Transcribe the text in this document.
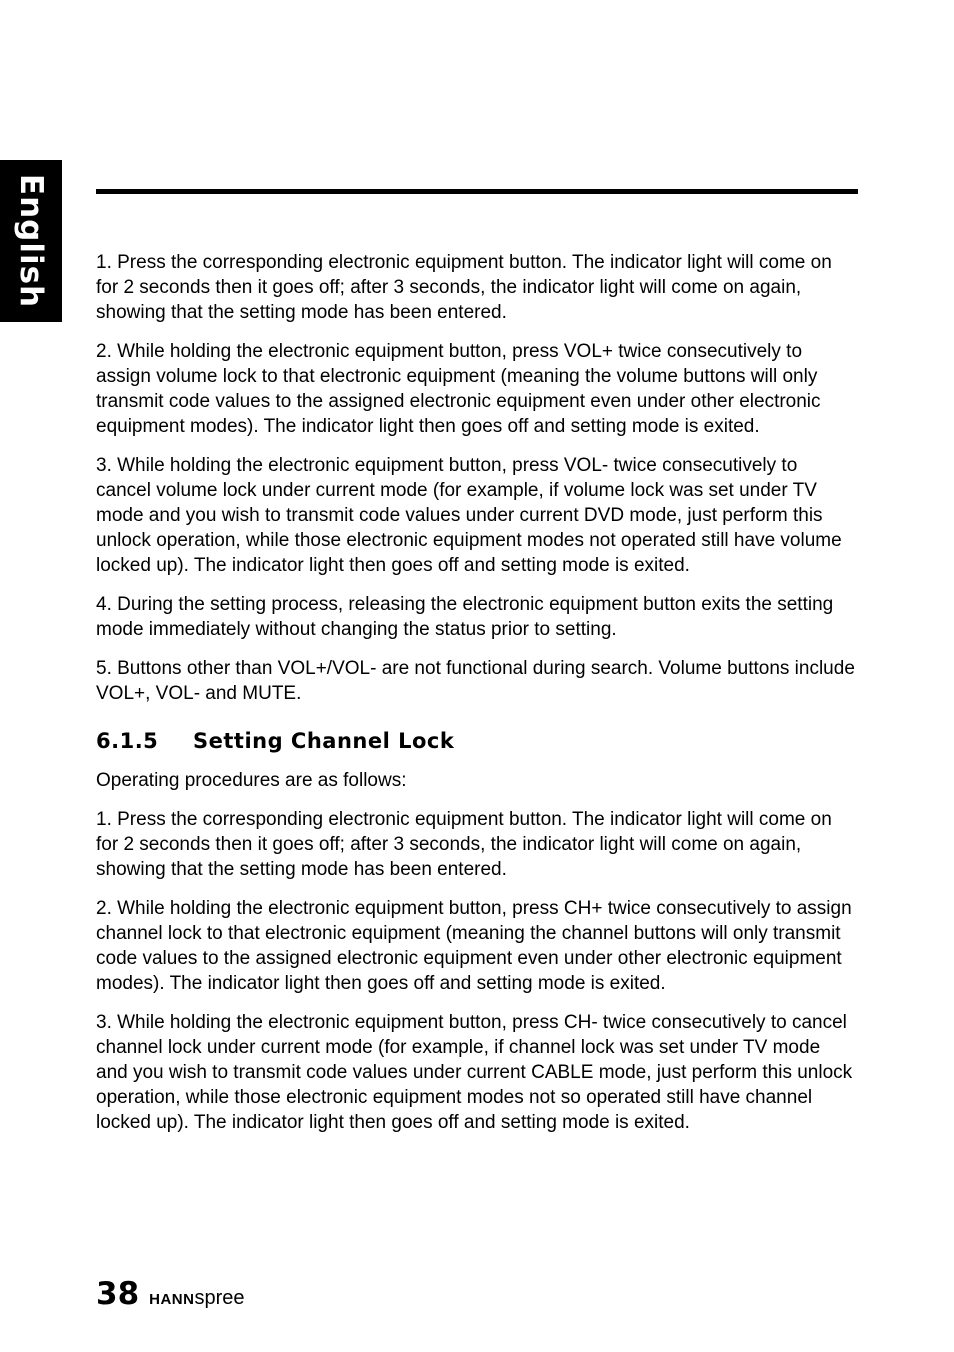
English 1. Press the corresponding electronic equipment button. The indicator light will come on for 2 seconds then it goes off; after 3 seconds, the indicator light will come on again, showing that the setting mode has been entered.

2. While holding the electronic equipment button, press VOL+ twice consecutively to assign volume lock to that electronic equipment (meaning the volume buttons will only transmit code values to the assigned electronic equipment even under other electronic equipment modes). The indicator light then goes off and setting mode is exited.

3. While holding the electronic equipment button, press VOL- twice consecutively to cancel volume lock under current mode (for example, if volume lock was set under TV mode and you wish to transmit code values under current DVD mode, just perform this unlock operation, while those electronic equipment modes not operated still have volume locked up). The indicator light then goes off and setting mode is exited.

4. During the setting process, releasing the electronic equipment button exits the setting mode immediately without changing the status prior to setting.

5. Buttons other than VOL+/VOL- are not functional during search. Volume buttons include VOL+, VOL- and MUTE.

6.1.5 Setting Channel Lock

Operating procedures are as follows:

1. Press the corresponding electronic equipment button. The indicator light will come on for 2 seconds then it goes off; after 3 seconds, the indicator light will come on again, showing that the setting mode has been entered.

2. While holding the electronic equipment button, press CH+ twice consecutively to assign channel lock to that electronic equipment (meaning the channel buttons will only transmit code values to the assigned electronic equipment even under other electronic equipment modes). The indicator light then goes off and setting mode is exited.

3. While holding the electronic equipment button, press CH- twice consecutively to cancel channel lock under current mode (for example, if channel lock was set under TV mode and you wish to transmit code values under current CABLE mode, just perform this unlock operation, while those electronic equipment modes not so operated still have channel locked up). The indicator light then goes off and setting mode is exited.

38 HANNspree
